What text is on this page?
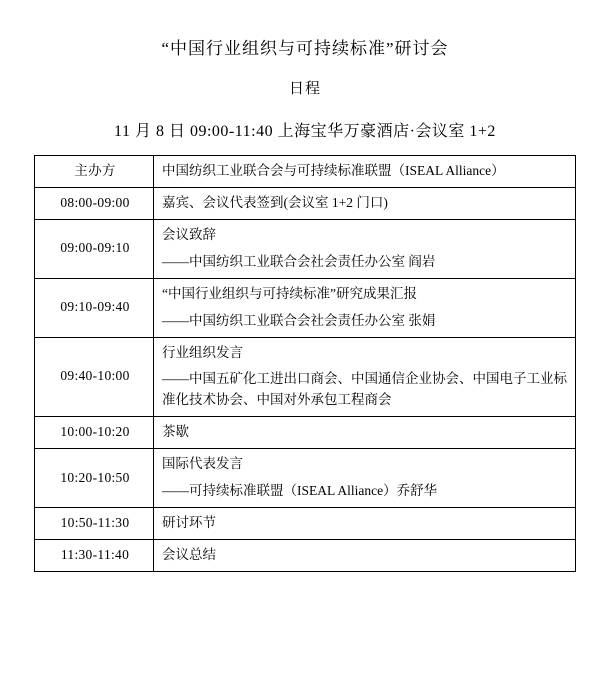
“中国行业组织与可持续标准”研讨会
日程
11 月 8 日 09:00-11:40 上海宝华万豪酒店·会议室 1+2
主办方	中国纺织工业联合会与可持续标准联盟（ISEAL Alliance）

08:00-09:00	嘉宾、会议代表签到(会议室 1+2 门口)

09:00-09:10	会议致辞
——中国纺织工业联合会社会责任办公室 阎岩

09:10-09:40	“中国行业组织与可持续标准”研究成果汇报
——中国纺织工业联合会社会责任办公室 张娟

09:40-10:00	行业组织发言
——中国五矿化工进出口商会、中国通信企业协会、中国电子工业标准化技术协会、中国对外承包工程商会

10:00-10:20	茶歇

10:20-10:50	国际代表发言
——可持续标准联盟（ISEAL Alliance）乔舒华

10:50-11:30	研讨环节

11:30-11:40	会议总结
